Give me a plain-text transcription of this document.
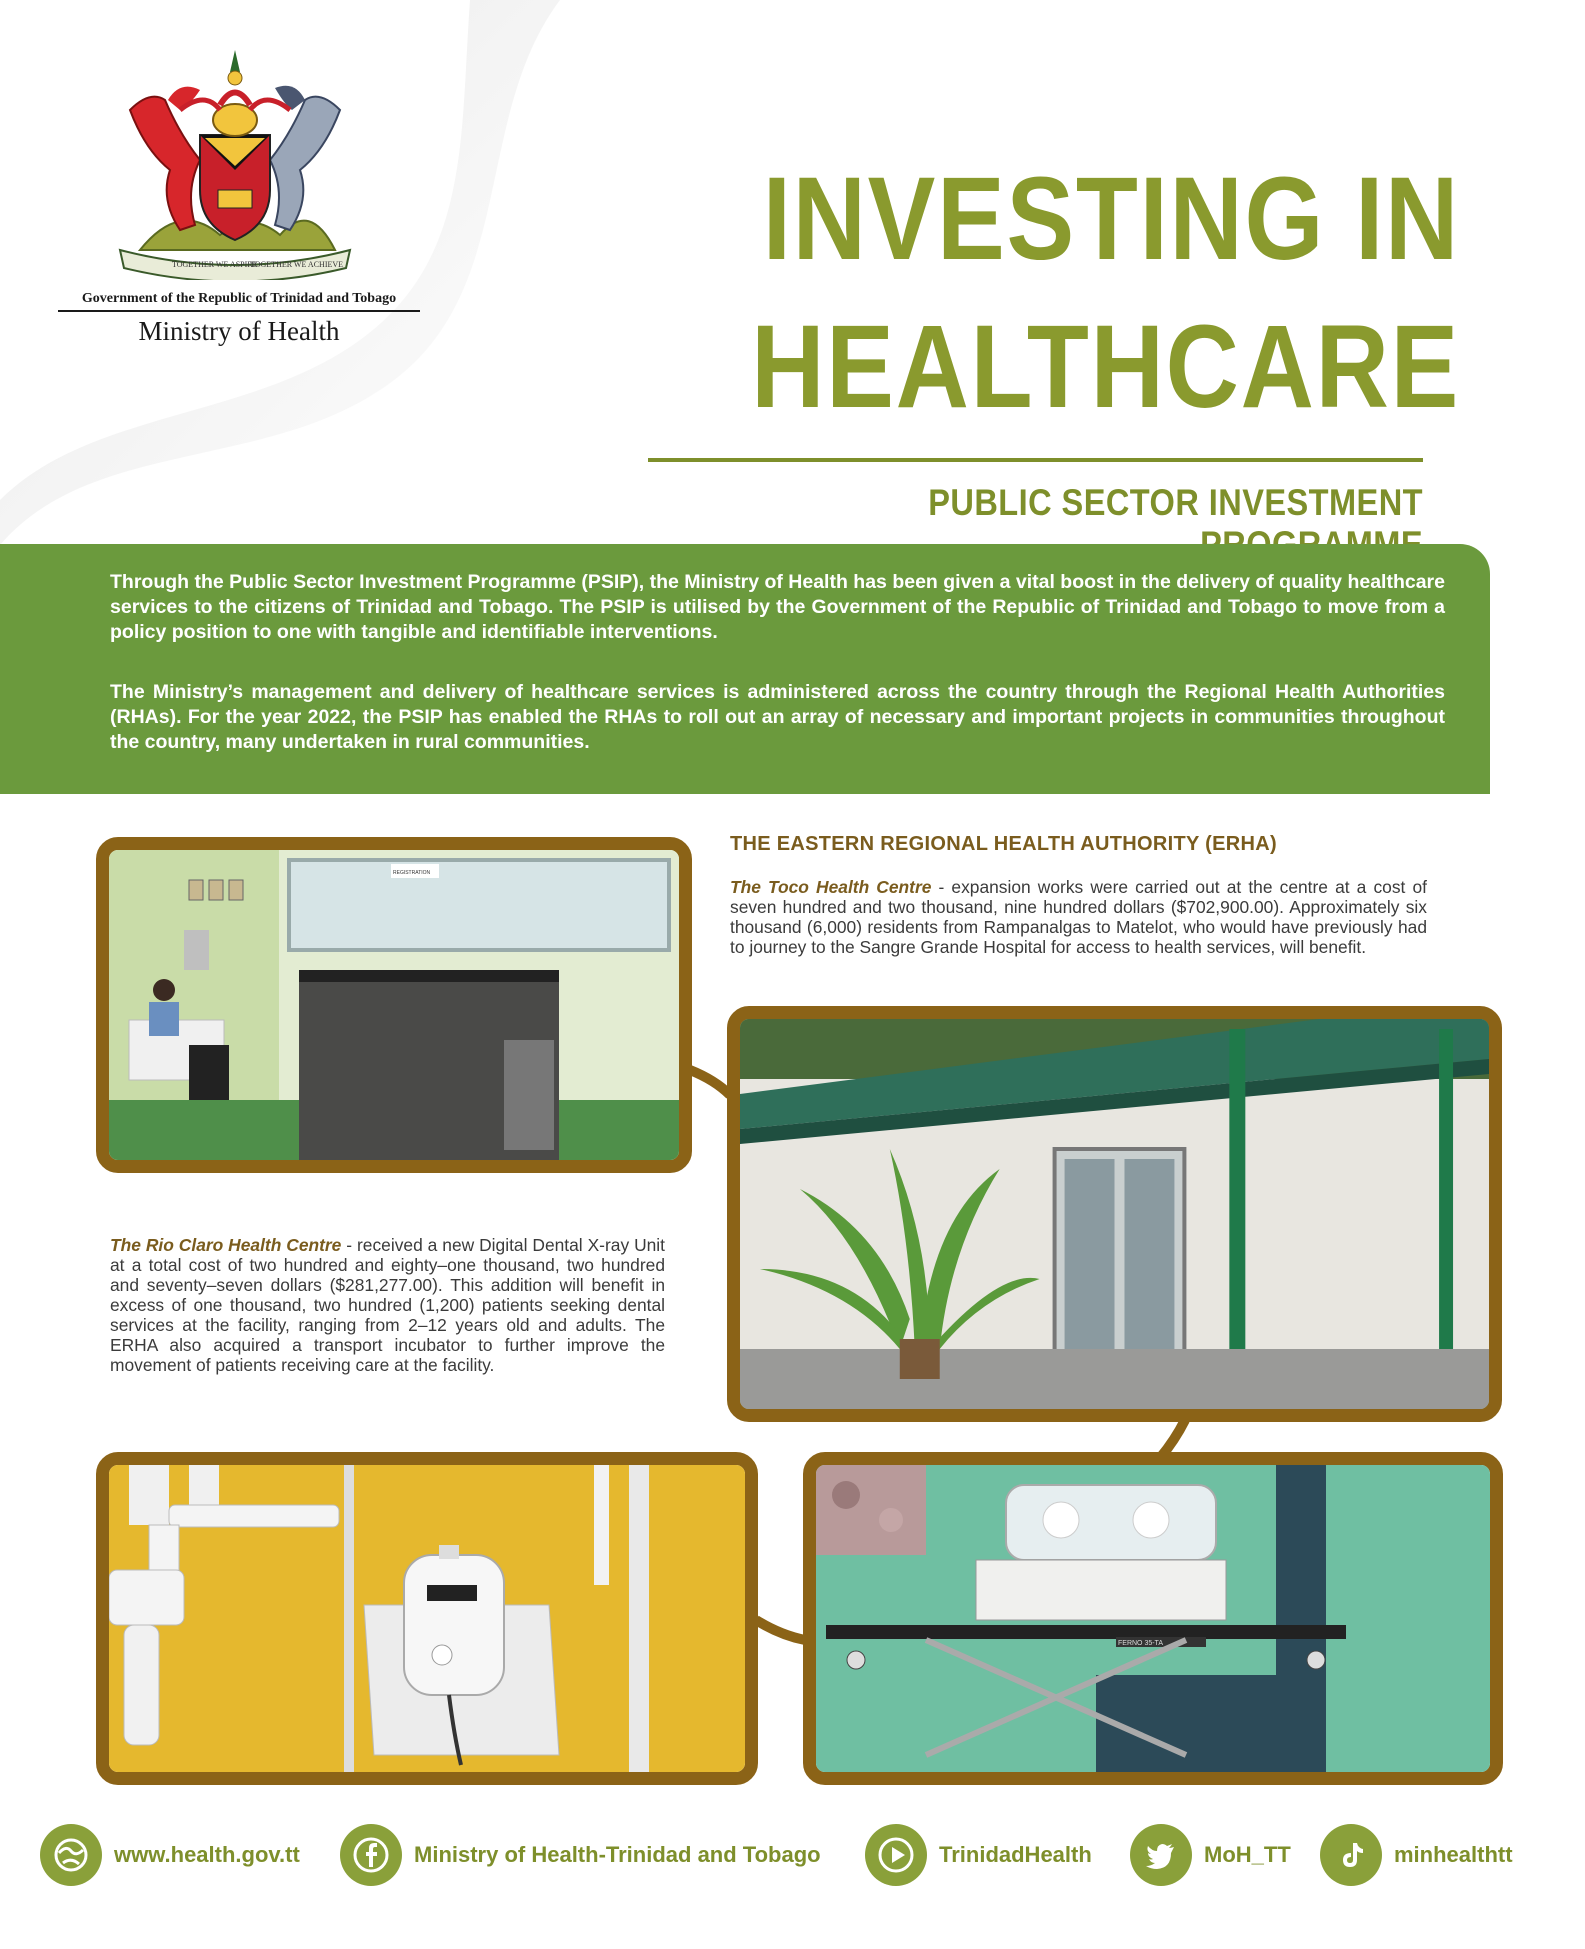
TOGETHER WE ASPIRE
TOGETHER WE ACHIEVE
Government of the Republic of Trinidad and Tobago
Ministry of Health
INVESTING IN
HEALTHCARE
PUBLIC SECTOR INVESTMENT

Through the Public Sector Investment Programme (PSIP), the Ministry of Health has been given a vital boost in the delivery of quality healthcare services to the citizens of Trinidad and Tobago. The PSIP is utilised by the Government of the Republic of Trinidad and Tobago to move from a policy position to one with tangible and identifiable interventions.

The Ministry’s management and delivery of healthcare services is administered across the country through the Regional Health Authorities (RHAs). For the year 2022, the PSIP has enabled the RHAs to roll out an array of necessary and important projects in communities throughout the country, many undertaken in rural communities.

THE EASTERN REGIONAL HEALTH AUTHORITY (ERHA)

The Toco Health Centre - expansion works were carried out at the centre at a cost of seven hundred and two thousand, nine hundred dollars ($702,900.00). Approximately six thousand (6,000) residents from Rampanalgas to Matelot, who would have previously had to journey to the Sangre Grande Hospital for access to health services, will benefit.

The Rio Claro Health Centre - received a new Digital Dental X-ray Unit at a total cost of two hundred and eighty–one thousand, two hundred and seventy–seven dollars ($281,277.00). This addition will benefit in excess of one thousand, two hundred (1,200) patients seeking dental services at the facility, ranging from 2–12 years old and adults. The ERHA also acquired a transport incubator to further improve the movement of patients receiving care at the facility.

REGISTRATION
FERNO 35-TA
www.health.gov.tt	Ministry of Health-Trinidad and Tobago	TrinidadHealth	MoH_TT	minhealthtt
